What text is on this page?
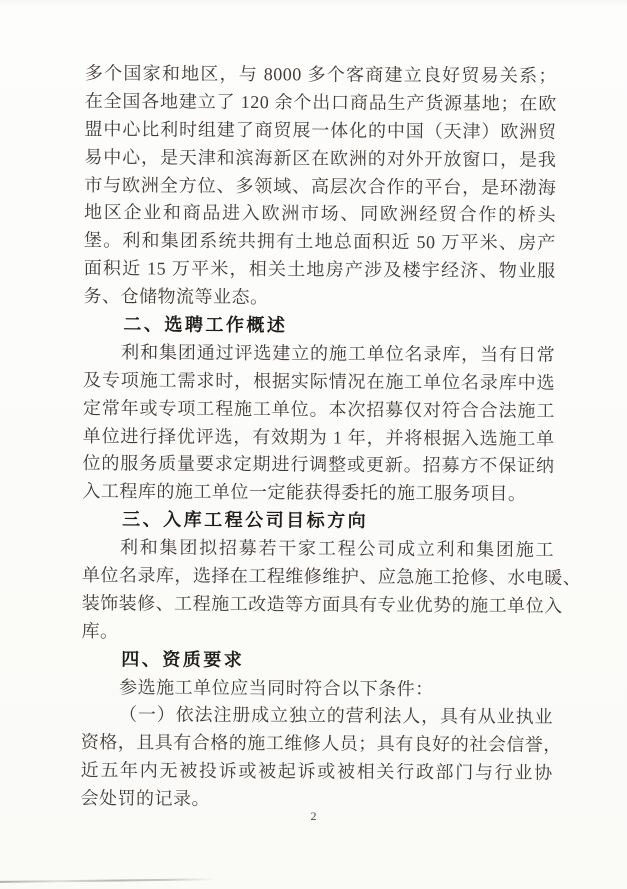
多个国家和地区，与 8000 多个客商建立良好贸易关系；
在全国各地建立了 120 余个出口商品生产货源基地；在欧
盟中心比利时组建了商贸展一体化的中国（天津）欧洲贸
易中心，是天津和滨海新区在欧洲的对外开放窗口，是我
市与欧洲全方位、多领域、高层次合作的平台，是环渤海
地区企业和商品进入欧洲市场、同欧洲经贸合作的桥头
堡。利和集团系统共拥有土地总面积近 50 万平米、房产
面积近 15 万平米，相关土地房产涉及楼宇经济、物业服
务、仓储物流等业态。
二、选聘工作概述
利和集团通过评选建立的施工单位名录库，当有日常
及专项施工需求时，根据实际情况在施工单位名录库中选
定常年或专项工程施工单位。本次招募仅对符合合法施工
单位进行择优评选，有效期为 1 年，并将根据入选施工单
位的服务质量要求定期进行调整或更新。招募方不保证纳
入工程库的施工单位一定能获得委托的施工服务项目。
三、入库工程公司目标方向
利和集团拟招募若干家工程公司成立利和集团施工
单位名录库，选择在工程维修维护、应急施工抢修、水电暖、
装饰装修、工程施工改造等方面具有专业优势的施工单位入
库。
四、资质要求
参选施工单位应当同时符合以下条件：
（一）依法注册成立独立的营利法人，具有从业执业
资格，且具有合格的施工维修人员；具有良好的社会信誉，
近五年内无被投诉或被起诉或被相关行政部门与行业协
会处罚的记录。
2
